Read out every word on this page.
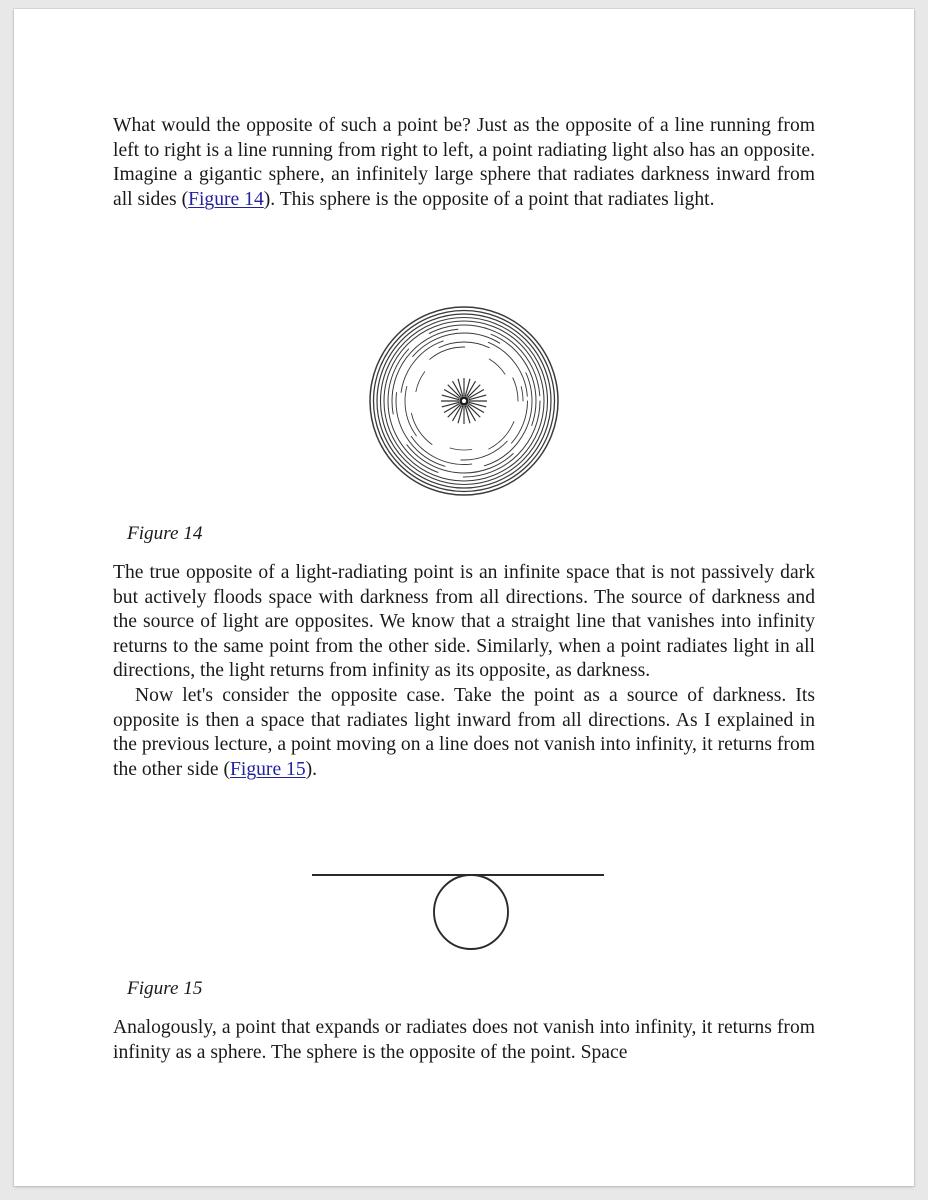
What would the opposite of such a point be? Just as the opposite of a line running from left to right is a line running from right to left, a point radiating light also has an opposite. Imagine a gigantic sphere, an infinitely large sphere that radiates darkness inward from all sides (Figure 14). This sphere is the opposite of a point that radiates light.

Figure 14

The true opposite of a light-radiating point is an infinite space that is not passively dark but actively floods space with darkness from all directions. The source of darkness and the source of light are opposites. We know that a straight line that vanishes into infinity returns to the same point from the other side. Similarly, when a point radiates light in all directions, the light returns from infinity as its opposite, as darkness.

Now let's consider the opposite case. Take the point as a source of darkness. Its opposite is then a space that radiates light inward from all directions. As I explained in the previous lecture, a point moving on a line does not vanish into infinity, it returns from the other side (Figure 15).

Figure 15

Analogously, a point that expands or radiates does not vanish into infinity, it returns from infinity as a sphere. The sphere is the opposite of the point. Space
